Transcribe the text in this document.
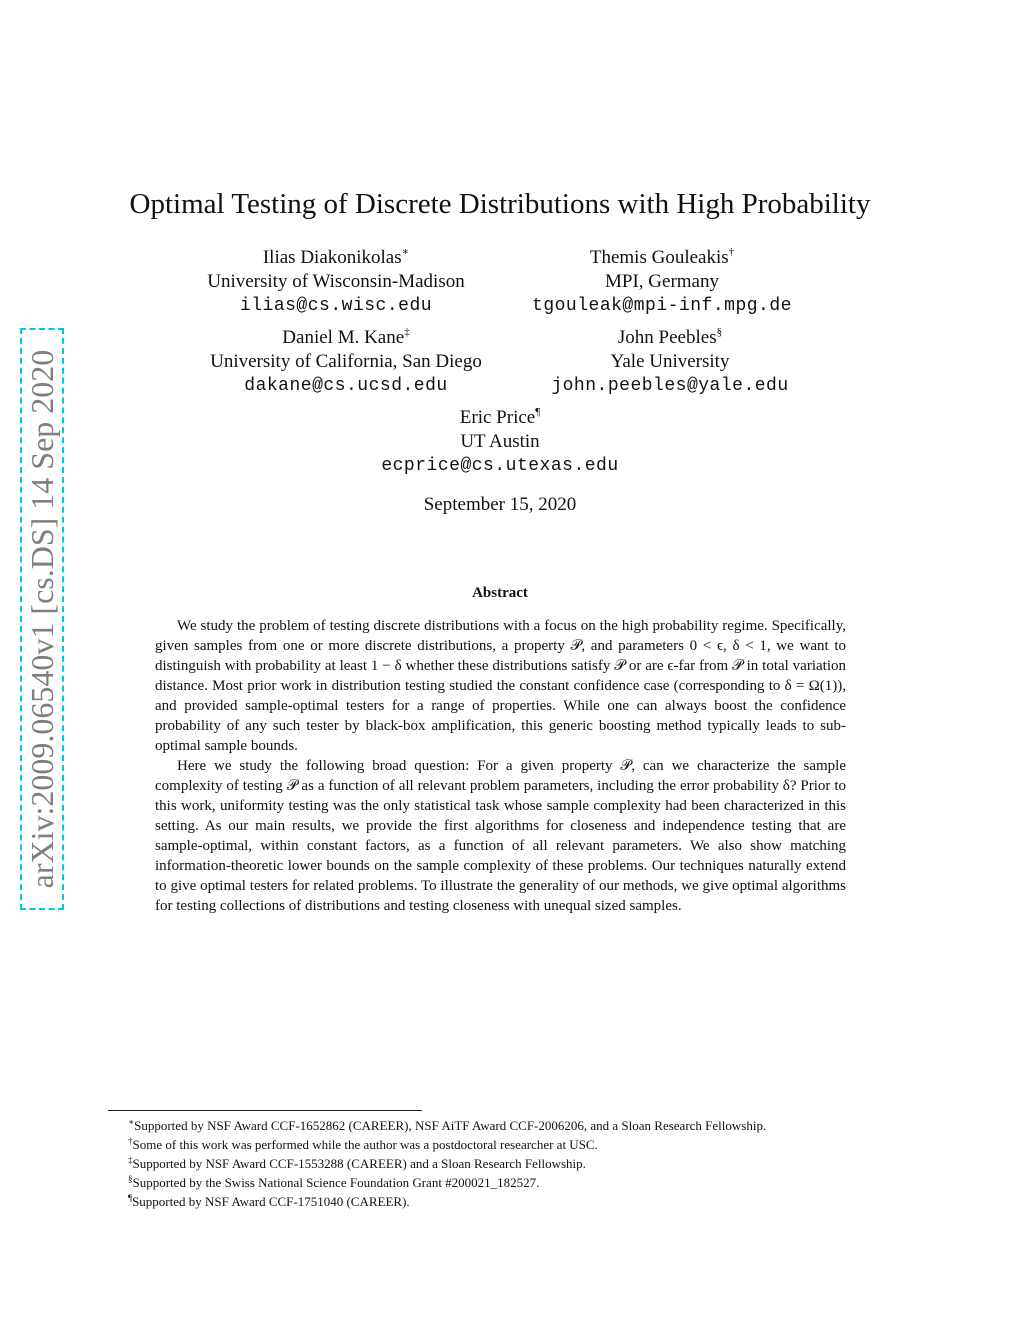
arXiv:2009.06540v1 [cs.DS] 14 Sep 2020
Optimal Testing of Discrete Distributions with High Probability
Ilias Diakonikolas∗
University of Wisconsin-Madison
ilias@cs.wisc.edu
Themis Gouleakis†
MPI, Germany
tgouleak@mpi-inf.mpg.de
Daniel M. Kane‡
University of California, San Diego
dakane@cs.ucsd.edu
John Peebles§
Yale University
john.peebles@yale.edu
Eric Price¶
UT Austin
ecprice@cs.utexas.edu
September 15, 2020
Abstract

We study the problem of testing discrete distributions with a focus on the high probability regime. Specifically, given samples from one or more discrete distributions, a property 𝒫, and parameters 0 < ϵ, δ < 1, we want to distinguish with probability at least 1 − δ whether these distributions satisfy 𝒫 or are ϵ-far from 𝒫 in total variation distance. Most prior work in distribution testing studied the constant confidence case (corresponding to δ = Ω(1)), and provided sample-optimal testers for a range of properties. While one can always boost the confidence probability of any such tester by black-box amplification, this generic boosting method typically leads to sub-optimal sample bounds.

Here we study the following broad question: For a given property 𝒫, can we characterize the sample complexity of testing 𝒫 as a function of all relevant problem parameters, including the error probability δ? Prior to this work, uniformity testing was the only statistical task whose sample complexity had been characterized in this setting. As our main results, we provide the first algorithms for closeness and independence testing that are sample-optimal, within constant factors, as a function of all relevant parameters. We also show matching information-theoretic lower bounds on the sample complexity of these problems. Our techniques naturally extend to give optimal testers for related problems. To illustrate the generality of our methods, we give optimal algorithms for testing collections of distributions and testing closeness with unequal sized samples.

∗Supported by NSF Award CCF-1652862 (CAREER), NSF AiTF Award CCF-2006206, and a Sloan Research Fellowship.
†Some of this work was performed while the author was a postdoctoral researcher at USC.
‡Supported by NSF Award CCF-1553288 (CAREER) and a Sloan Research Fellowship.
§Supported by the Swiss National Science Foundation Grant #200021_182527.
¶Supported by NSF Award CCF-1751040 (CAREER).
